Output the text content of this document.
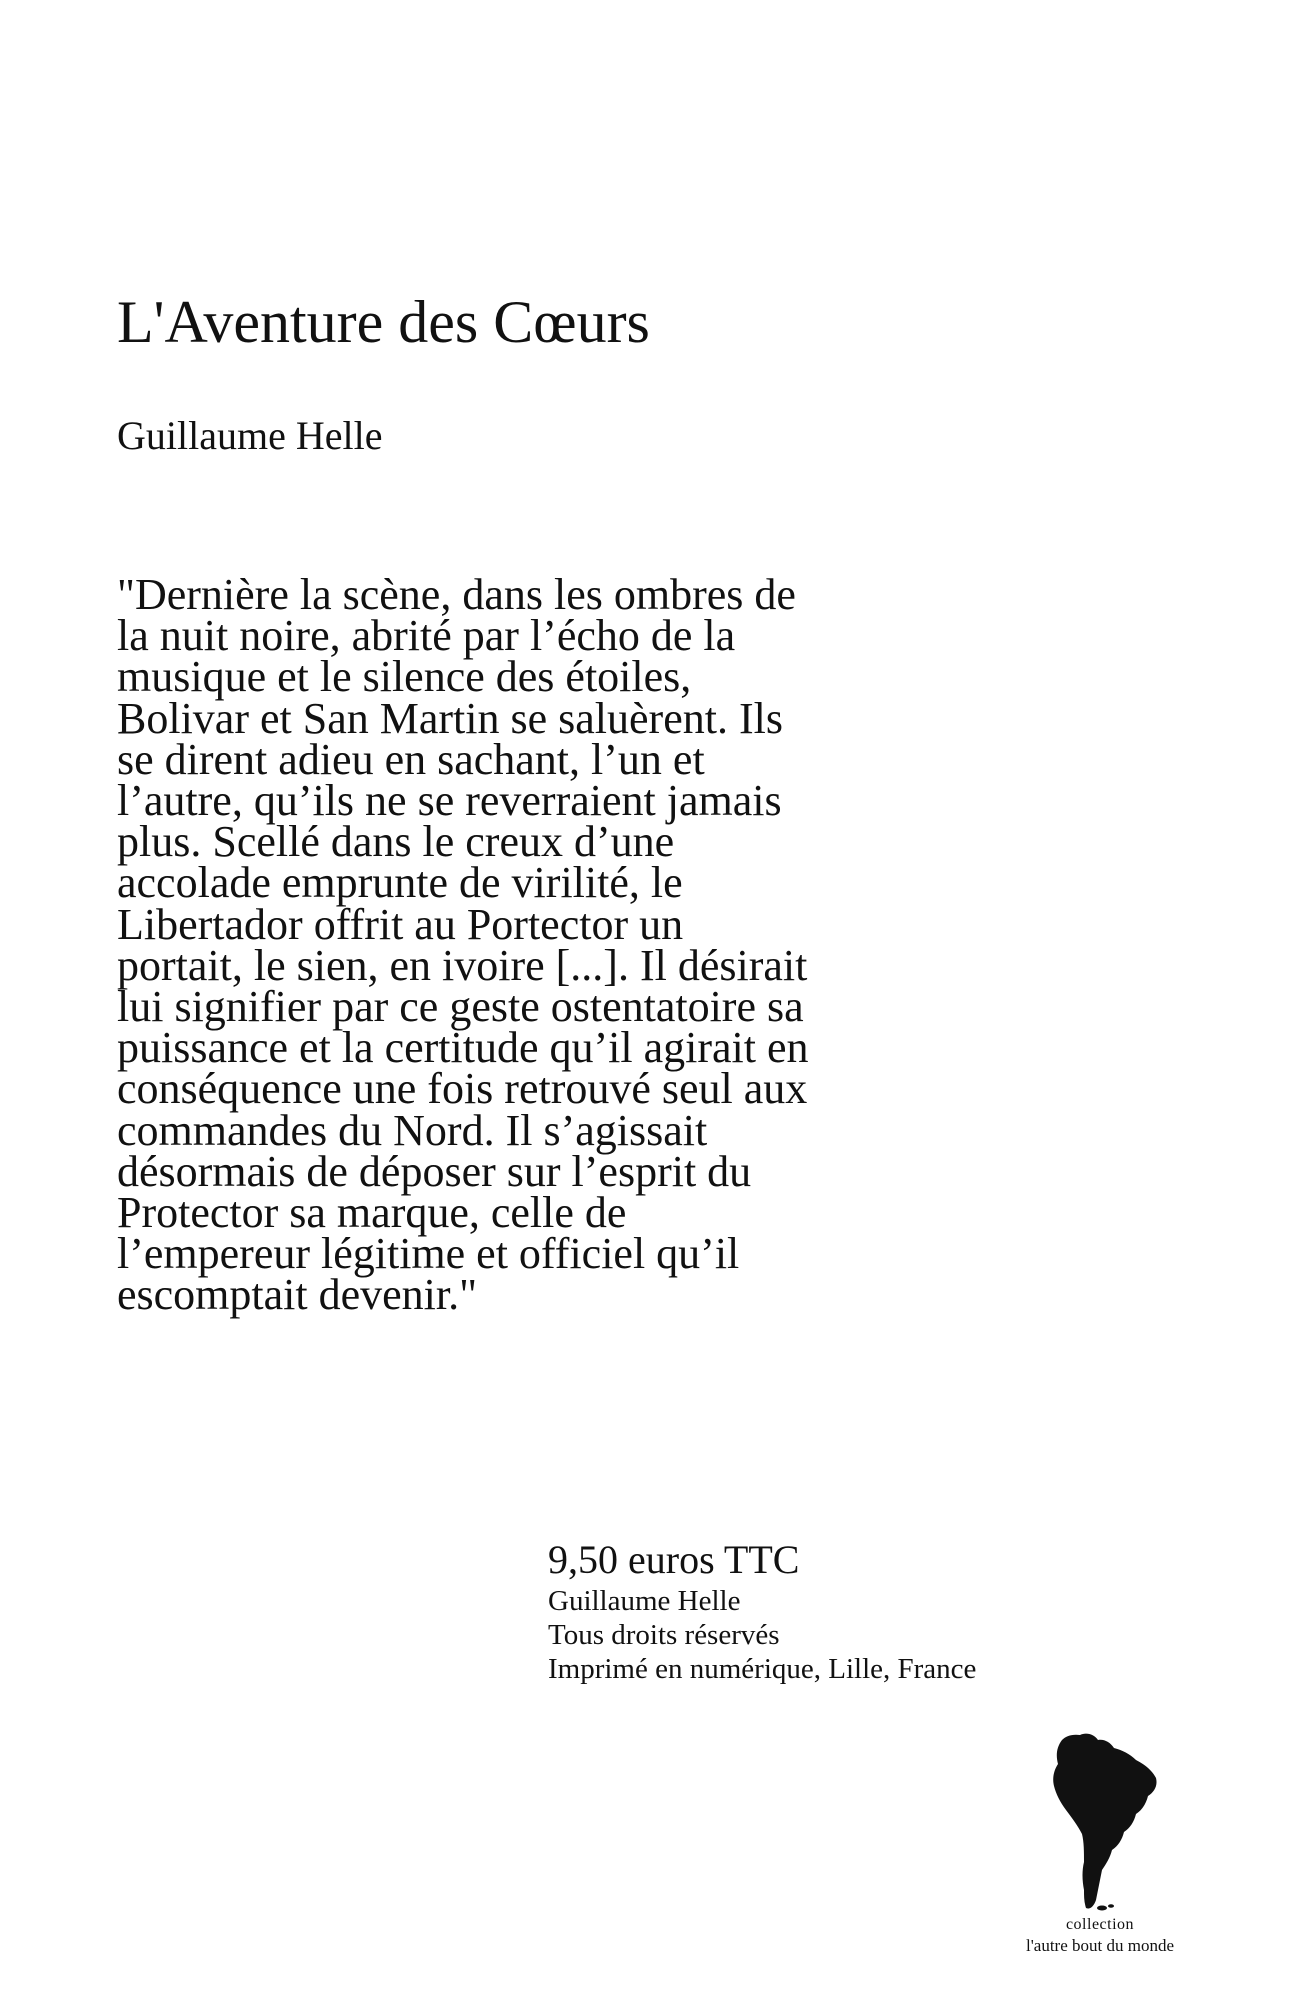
L'Aventure des Cœurs
Guillaume Helle
"Dernière la scène, dans les ombres de
la nuit noire, abrité par l’écho de la
musique et le silence des étoiles,
Bolivar et San Martin se saluèrent. Ils
se dirent adieu en sachant, l’un et
l’autre, qu’ils ne se reverraient jamais
plus. Scellé dans le creux d’une
accolade emprunte de virilité, le
Libertador offrit au Portector un
portait, le sien, en ivoire [...]. Il désirait
lui signifier par ce geste ostentatoire sa
puissance et la certitude qu’il agirait en
conséquence une fois retrouvé seul aux
commandes du Nord. Il s’agissait
désormais de déposer sur l’esprit du
Protector sa marque, celle de
l’empereur légitime et officiel qu’il
escomptait devenir."
9,50 euros TTC
Guillaume Helle
Tous droits réservés
Imprimé en numérique, Lille, France
collection
l'autre bout du monde
